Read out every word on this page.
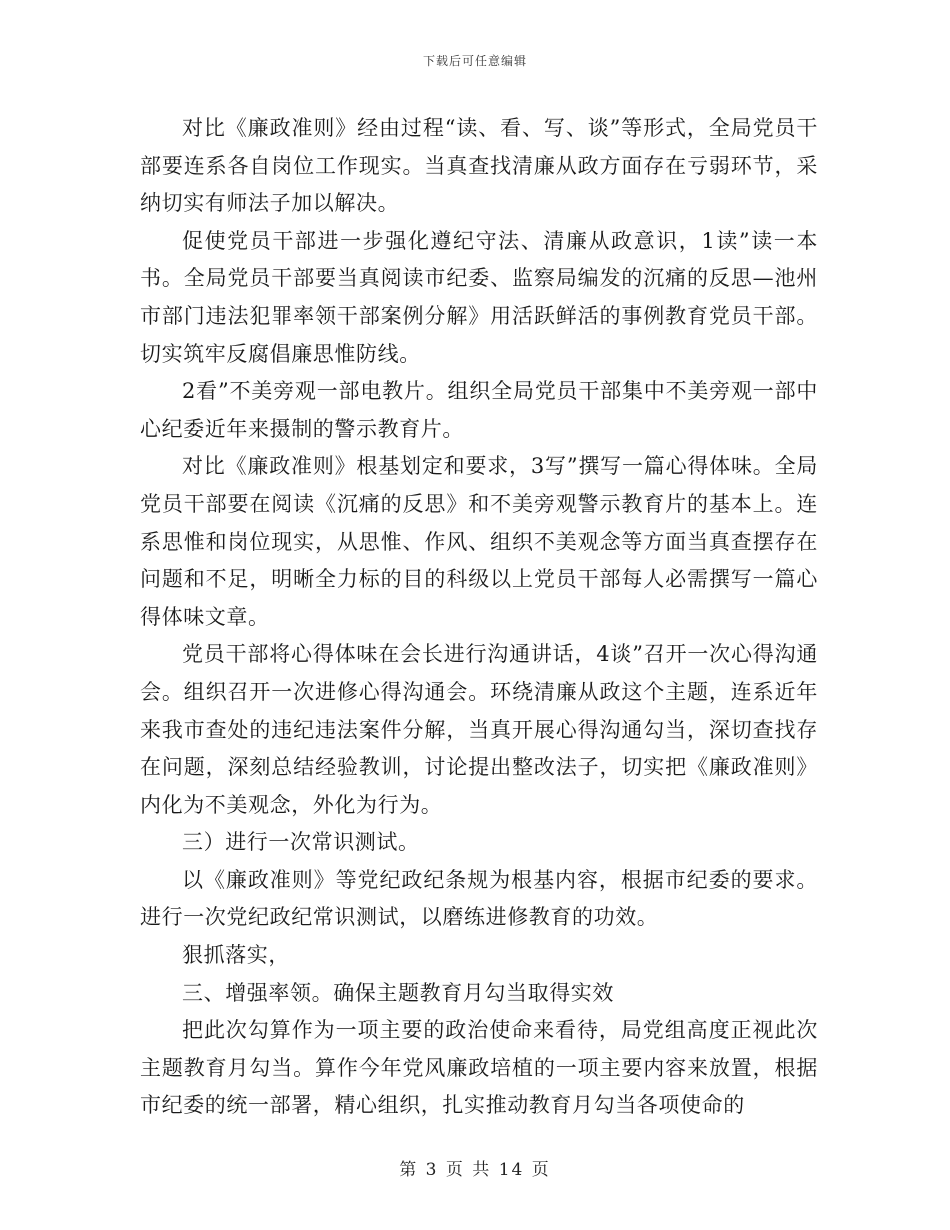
下载后可任意编辑

对比《廉政准则》经由过程“读、看、写、谈”等形式，全局党员干部要连系各自岗位工作现实。当真查找清廉从政方面存在亏弱环节，采纳切实有师法子加以解决。

促使党员干部进一步强化遵纪守法、清廉从政意识，1读”读一本书。全局党员干部要当真阅读市纪委、监察局编发的沉痛的反思—池州市部门违法犯罪率领干部案例分解》用活跃鲜活的事例教育党员干部。切实筑牢反腐倡廉思惟防线。

2看”不美旁观一部电教片。组织全局党员干部集中不美旁观一部中心纪委近年来摄制的警示教育片。

对比《廉政准则》根基划定和要求，3写”撰写一篇心得体味。全局党员干部要在阅读《沉痛的反思》和不美旁观警示教育片的基本上。连系思惟和岗位现实，从思惟、作风、组织不美观念等方面当真查摆存在问题和不足，明晰全力标的目的科级以上党员干部每人必需撰写一篇心得体味文章。

党员干部将心得体味在会长进行沟通讲话，4谈”召开一次心得沟通会。组织召开一次进修心得沟通会。环绕清廉从政这个主题，连系近年来我市查处的违纪违法案件分解，当真开展心得沟通勾当，深切查找存在问题，深刻总结经验教训，讨论提出整改法子，切实把《廉政准则》内化为不美观念，外化为行为。

三）进行一次常识测试。

以《廉政准则》等党纪政纪条规为根基内容，根据市纪委的要求。进行一次党纪政纪常识测试，以磨练进修教育的功效。

狠抓落实，

三、增强率领。确保主题教育月勾当取得实效

把此次勾算作为一项主要的政治使命来看待，局党组高度正视此次主题教育月勾当。算作今年党风廉政培植的一项主要内容来放置，根据市纪委的统一部署，精心组织，扎实推动教育月勾当各项使命的

第 3 页 共 14 页
